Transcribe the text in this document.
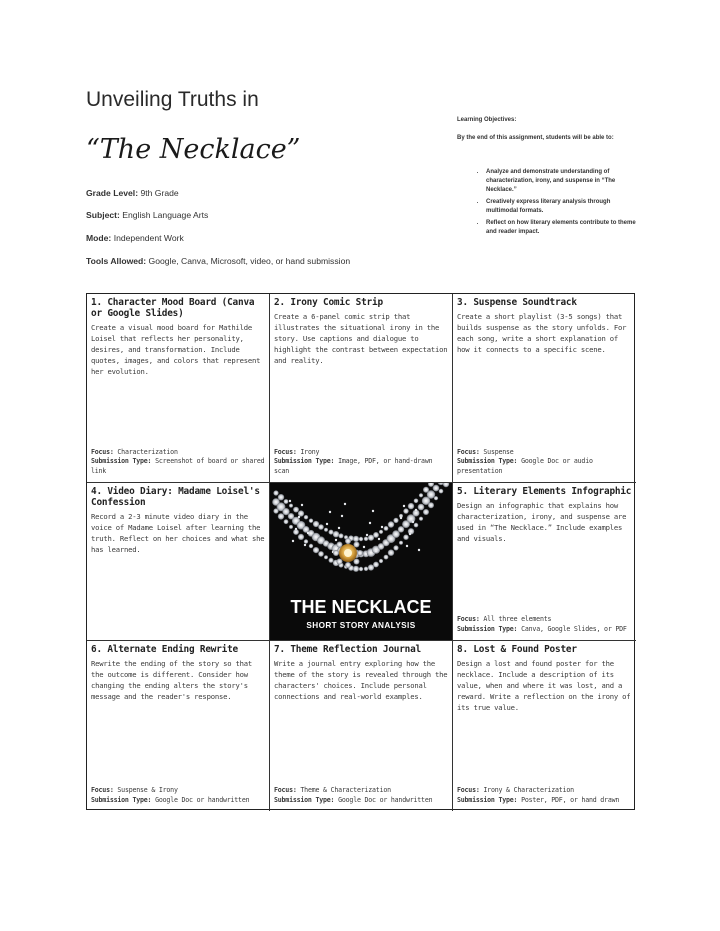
Unveiling Truths in
“The Necklace”
Grade Level: 9th Grade
Subject: English Language Arts
Mode: Independent Work
Tools Allowed: Google, Canva, Microsoft, video, or hand submission
Learning Objectives:
By the end of this assignment, students will be able to:
• Analyze and demonstrate understanding of characterization, irony, and suspense in “The Necklace.”
• Creatively express literary analysis through multimodal formats.
• Reflect on how literary elements contribute to theme and reader impact.
1. Character Mood Board (Canva or Google Slides)
Create a visual mood board for Mathilde Loisel that reflects her personality, desires, and transformation. Include quotes, images, and colors that represent her evolution.
Focus: Characterization
Submission Type: Screenshot of board or shared link
2. Irony Comic Strip
Create a 6-panel comic strip that illustrates the situational irony in the story. Use captions and dialogue to highlight the contrast between expectation and reality.
Focus: Irony
Submission Type: Image, PDF, or hand-drawn scan
3. Suspense Soundtrack
Create a short playlist (3-5 songs) that builds suspense as the story unfolds. For each song, write a short explanation of how it connects to a specific scene.
Focus: Suspense
Submission Type: Google Doc or audio presentation
4. Video Diary: Madame Loisel's Confession
Record a 2-3 minute video diary in the voice of Madame Loisel after learning the truth. Reflect on her choices and what she has learned.
THE NECKLACE
SHORT STORY ANALYSIS
5. Literary Elements Infographic
Design an infographic that explains how characterization, irony, and suspense are used in “The Necklace.” Include examples and visuals.
Focus: All three elements
Submission Type: Canva, Google Slides, or PDF
6. Alternate Ending Rewrite
Rewrite the ending of the story so that the outcome is different. Consider how changing the ending alters the story's message and the reader's response.
Focus: Suspense & Irony
Submission Type: Google Doc or handwritten
7. Theme Reflection Journal
Write a journal entry exploring how the theme of the story is revealed through the characters' choices. Include personal connections and real-world examples.
Focus: Theme & Characterization
Submission Type: Google Doc or handwritten
8. Lost & Found Poster
Design a lost and found poster for the necklace. Include a description of its value, when and where it was lost, and a reward. Write a reflection on the irony of its true value.
Focus: Irony & Characterization
Submission Type: Poster, PDF, or hand drawn
